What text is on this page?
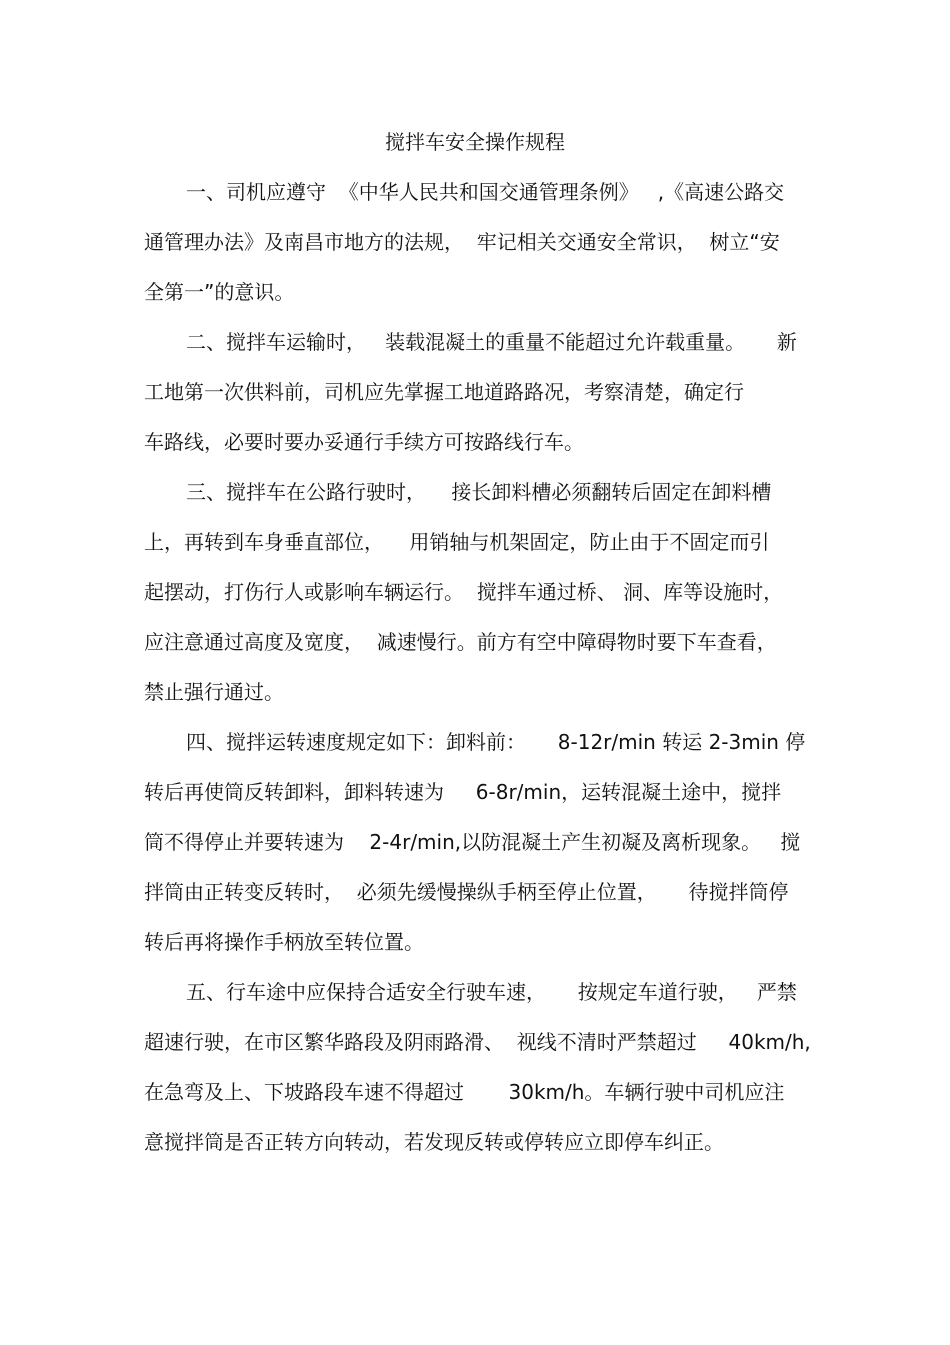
搅拌车安全操作规程
一、司机应遵守  《中华人民共和国交通管理条例》   ,《高速公路交
通管理办法》及南昌市地方的法规，  牢记相关交通安全常识，  树立“安
全第一”的意识。
二、搅拌车运输时，   装载混凝土的重量不能超过允许载重量。     新
工地第一次供料前，司机应先掌握工地道路路况，考察清楚，确定行
车路线，必要时要办妥通行手续方可按路线行车。
三、搅拌车在公路行驶时，    接长卸料槽必须翻转后固定在卸料槽
上，再转到车身垂直部位，    用销轴与机架固定，防止由于不固定而引
起摆动，打伤行人或影响车辆运行。  搅拌车通过桥、 洞、库等设施时，
应注意通过高度及宽度，  减速慢行。前方有空中障碍物时要下车查看，
禁止强行通过。
四、搅拌运转速度规定如下：卸料前：     8-12r/min 转运 2-3min 停
转后再使筒反转卸料，卸料转速为     6-8r/min，运转混凝土途中，搅拌
筒不得停止并要转速为    2-4r/min,以防混凝土产生初凝及离析现象。   搅
拌筒由正转变反转时，  必须先缓慢操纵手柄至停止位置，     待搅拌筒停
转后再将操作手柄放至转位置。
五、行车途中应保持合适安全行驶车速，     按规定车道行驶，   严禁
超速行驶，在市区繁华路段及阴雨路滑、  视线不清时严禁超过     40km/h,
在急弯及上、下坡路段车速不得超过       30km/h。车辆行驶中司机应注
意搅拌筒是否正转方向转动，若发现反转或停转应立即停车纠正。
